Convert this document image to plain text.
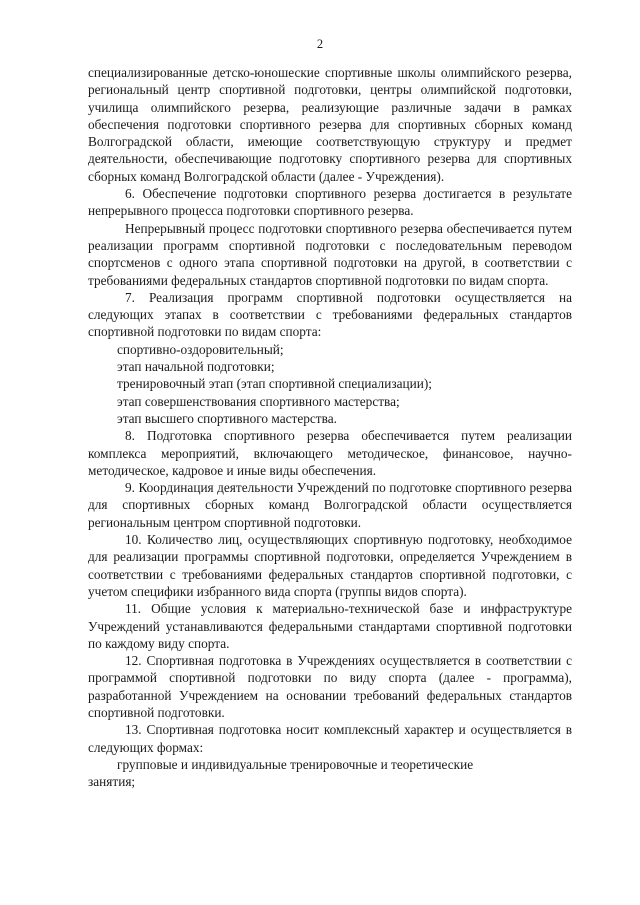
2

специализированные детско-юношеские спортивные школы олимпийского резерва, региональный центр спортивной подготовки, центры олимпийской подготовки, училища олимпийского резерва, реализующие различные задачи в рамках обеспечения подготовки спортивного резерва для спортивных сборных команд Волгоградской области, имеющие соответствующую структуру и предмет деятельности, обеспечивающие подготовку спортивного резерва для спортивных сборных команд Волгоградской области (далее - Учреждения).

6. Обеспечение подготовки спортивного резерва достигается в результате непрерывного процесса подготовки спортивного резерва.

Непрерывный процесс подготовки спортивного резерва обеспечивается путем реализации программ спортивной подготовки с последовательным переводом спортсменов с одного этапа спортивной подготовки на другой, в соответствии с требованиями федеральных стандартов спортивной подготовки по видам спорта.

7. Реализация программ спортивной подготовки осуществляется на следующих этапах в соответствии с требованиями федеральных стандартов спортивной подготовки по видам спорта:

спортивно-оздоровительный;

этап начальной подготовки;

тренировочный этап (этап спортивной специализации);

этап совершенствования спортивного мастерства;

этап высшего спортивного мастерства.

8. Подготовка спортивного резерва обеспечивается путем реализации комплекса мероприятий, включающего методическое, финансовое, научно-методическое, кадровое и иные виды обеспечения.

9. Координация деятельности Учреждений по подготовке спортивного резерва для спортивных сборных команд Волгоградской области осуществляется региональным центром спортивной подготовки.

10. Количество лиц, осуществляющих спортивную подготовку, необходимое для реализации программы спортивной подготовки, определяется Учреждением в соответствии с требованиями федеральных стандартов спортивной подготовки, с учетом специфики избранного вида спорта (группы видов спорта).

11. Общие условия к материально-технической базе и инфраструктуре Учреждений устанавливаются федеральными стандартами спортивной подготовки по каждому виду спорта.

12. Спортивная подготовка в Учреждениях осуществляется в соответствии с программой спортивной подготовки по виду спорта (далее - программа), разработанной Учреждением на основании требований федеральных стандартов спортивной подготовки.

13. Спортивная подготовка носит комплексный характер и осуществляется в следующих формах:

групповые и индивидуальные тренировочные и теоретические

занятия;
